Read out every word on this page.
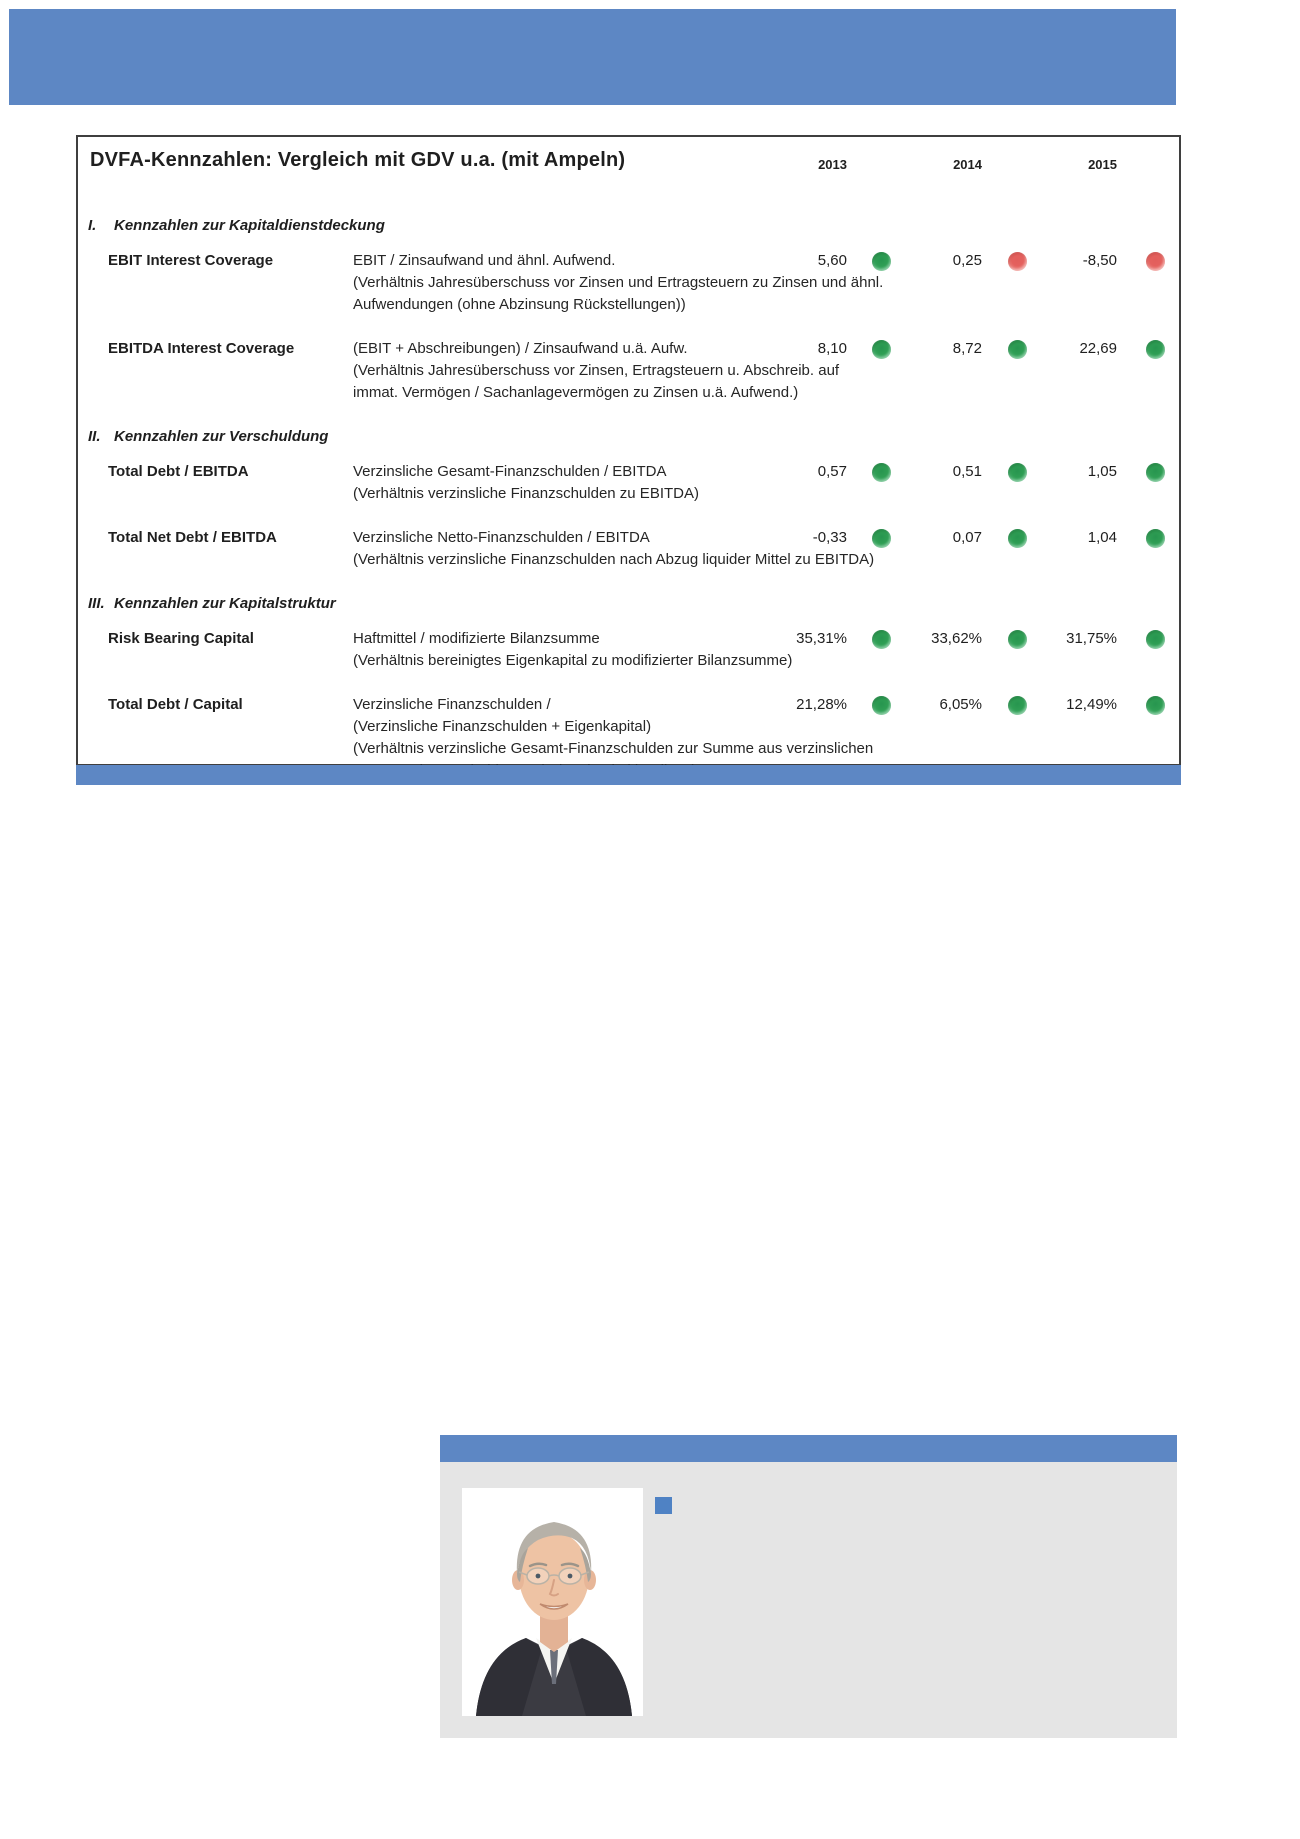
DVFA-Kennzahlen: Vergleich mit GDV u.a. (mit Ampeln)	2013	2014	2015
I. Kennzahlen zur Kapitaldienstdeckung
EBIT Interest Coverage	EBIT / Zinsaufwand und ähnl. Aufwend.
(Verhältnis Jahresüberschuss vor Zinsen und Ertragsteuern zu Zinsen und ähnl.
Aufwendungen (ohne Abzinsung Rückstellungen))
5,60	0,25	-8,50
EBITDA Interest Coverage	(EBIT + Abschreibungen) / Zinsaufwand u.ä. Aufw.
(Verhältnis Jahresüberschuss vor Zinsen, Ertragsteuern u. Abschreib. auf
immat. Vermögen / Sachanlagevermögen zu Zinsen u.ä. Aufwend.)
8,10	8,72	22,69
II. Kennzahlen zur Verschuldung
Total Debt / EBITDA	Verzinsliche Gesamt-Finanzschulden / EBITDA
(Verhältnis verzinsliche Finanzschulden zu EBITDA)
0,57	0,51	1,05
Total Net Debt / EBITDA	Verzinsliche Netto-Finanzschulden / EBITDA
(Verhältnis verzinsliche Finanzschulden nach Abzug liquider Mittel zu EBITDA)
-0,33	0,07	1,04
III. Kennzahlen zur Kapitalstruktur
Risk Bearing Capital	Haftmittel / modifizierte Bilanzsumme
(Verhältnis bereinigtes Eigenkapital zu modifizierter Bilanzsumme)
35,31%	33,62%	31,75%
Total Debt / Capital	Verzinsliche Finanzschulden /
(Verzinsliche Finanzschulden + Eigenkapital)
(Verhältnis verzinsliche Gesamt-Finanzschulden zur Summe aus verzinslichen
21,28%	6,05%	12,49%
